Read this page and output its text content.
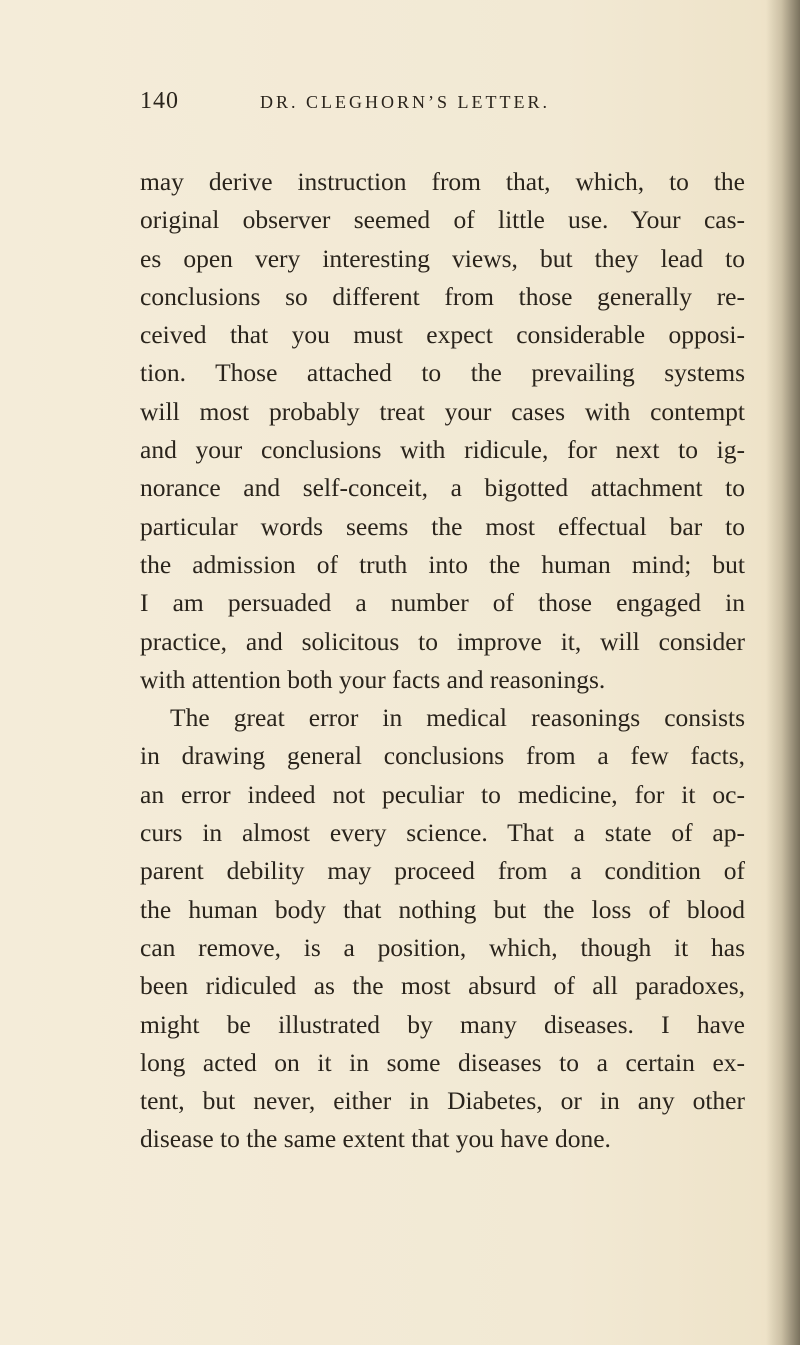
140	DR. CLEGHORN’S LETTER.
may derive instruction from that, which, to the
original observer seemed of little use. Your cas-
es open very interesting views, but they lead to
conclusions so different from those generally re-
ceived that you must expect considerable opposi-
tion. Those attached to the prevailing systems
will most probably treat your cases with contempt
and your conclusions with ridicule, for next to ig-
norance and self-conceit, a bigotted attachment to
particular words seems the most effectual bar to
the admission of truth into the human mind; but
I am persuaded a number of those engaged in
practice, and solicitous to improve it, will consider
with attention both your facts and reasonings.
The great error in medical reasonings consists
in drawing general conclusions from a few facts,
an error indeed not peculiar to medicine, for it oc-
curs in almost every science. That a state of ap-
parent debility may proceed from a condition of
the human body that nothing but the loss of blood
can remove, is a position, which, though it has
been ridiculed as the most absurd of all paradoxes,
might be illustrated by many diseases. I have
long acted on it in some diseases to a certain ex-
tent, but never, either in Diabetes, or in any other
disease to the same extent that you have done.
